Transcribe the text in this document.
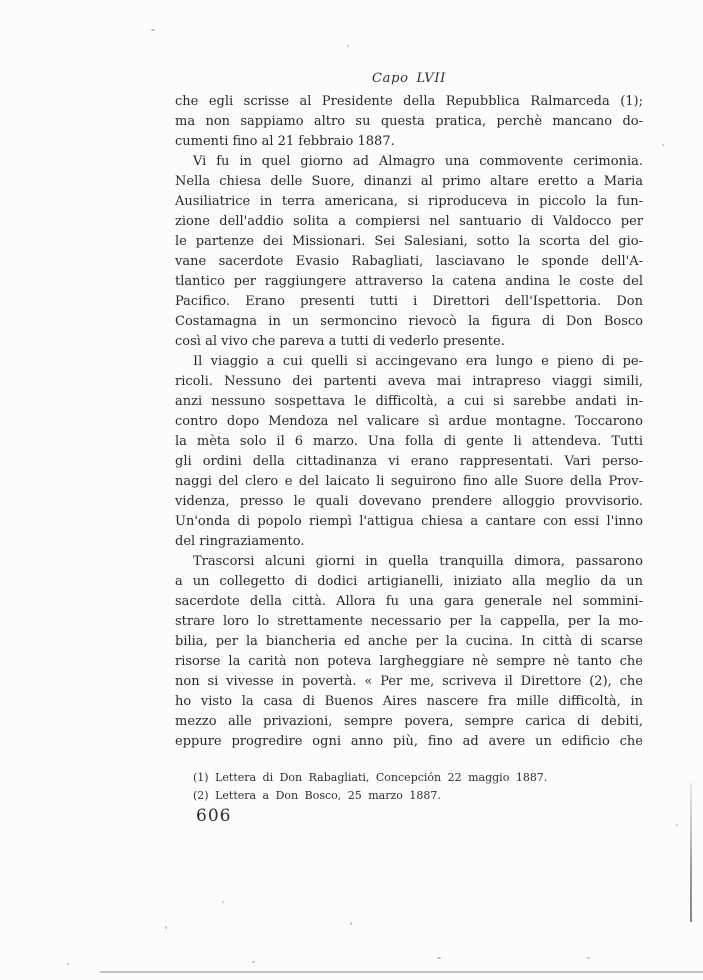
Capo LVII
che egli scrisse al Presidente della Repubblica Ralmarceda (1);
ma non sappiamo altro su questa pratica, perchè mancano do-
cumenti fino al 21 febbraio 1887.
Vi fu in quel giorno ad Almagro una commovente cerimonia.
Nella chiesa delle Suore, dinanzi al primo altare eretto a Maria
Ausiliatrice in terra americana, si riproduceva in piccolo la fun-
zione dell'addio solita a compiersi nel santuario di Valdocco per
le partenze dei Missionari. Sei Salesiani, sotto la scorta del gio-
vane sacerdote Evasio Rabagliati, lasciavano le sponde dell'A-
tlantico per raggiungere attraverso la catena andina le coste del
Pacifico. Erano presenti tutti i Direttori dell'Ispettoria. Don
Costamagna in un sermoncino rievocò la figura di Don Bosco
così al vivo che pareva a tutti di vederlo presente.
Il viaggio a cui quelli si accingevano era lungo e pieno di pe-
ricoli. Nessuno dei partenti aveva mai intrapreso viaggi simili,
anzi nessuno sospettava le difficoltà, a cui si sarebbe andati in-
contro dopo Mendoza nel valicare sì ardue montagne. Toccarono
la mèta solo il 6 marzo. Una folla di gente li attendeva. Tutti
gli ordini della cittadinanza vi erano rappresentati. Vari perso-
naggi del clero e del laicato li seguirono fino alle Suore della Prov-
videnza, presso le quali dovevano prendere alloggio provvisorio.
Un'onda di popolo riempì l'attigua chiesa a cantare con essi l'inno
del ringraziamento.
Trascorsi alcuni giorni in quella tranquilla dimora, passarono
a un collegetto di dodici artigianelli, iniziato alla meglio da un
sacerdote della città. Allora fu una gara generale nel sommini-
strare loro lo strettamente necessario per la cappella, per la mo-
bilia, per la biancheria ed anche per la cucina. In città di scarse
risorse la carità non poteva largheggiare nè sempre nè tanto che
non si vivesse in povertà. « Per me, scriveva il Direttore (2), che
ho visto la casa di Buenos Aires nascere fra mille difficoltà, in
mezzo alle privazioni, sempre povera, sempre carica di debiti,
eppure progredire ogni anno più, fino ad avere un edificio che
(1) Lettera di Don Rabagliati, Concepción 22 maggio 1887.
(2) Lettera a Don Bosco, 25 marzo 1887.
606
